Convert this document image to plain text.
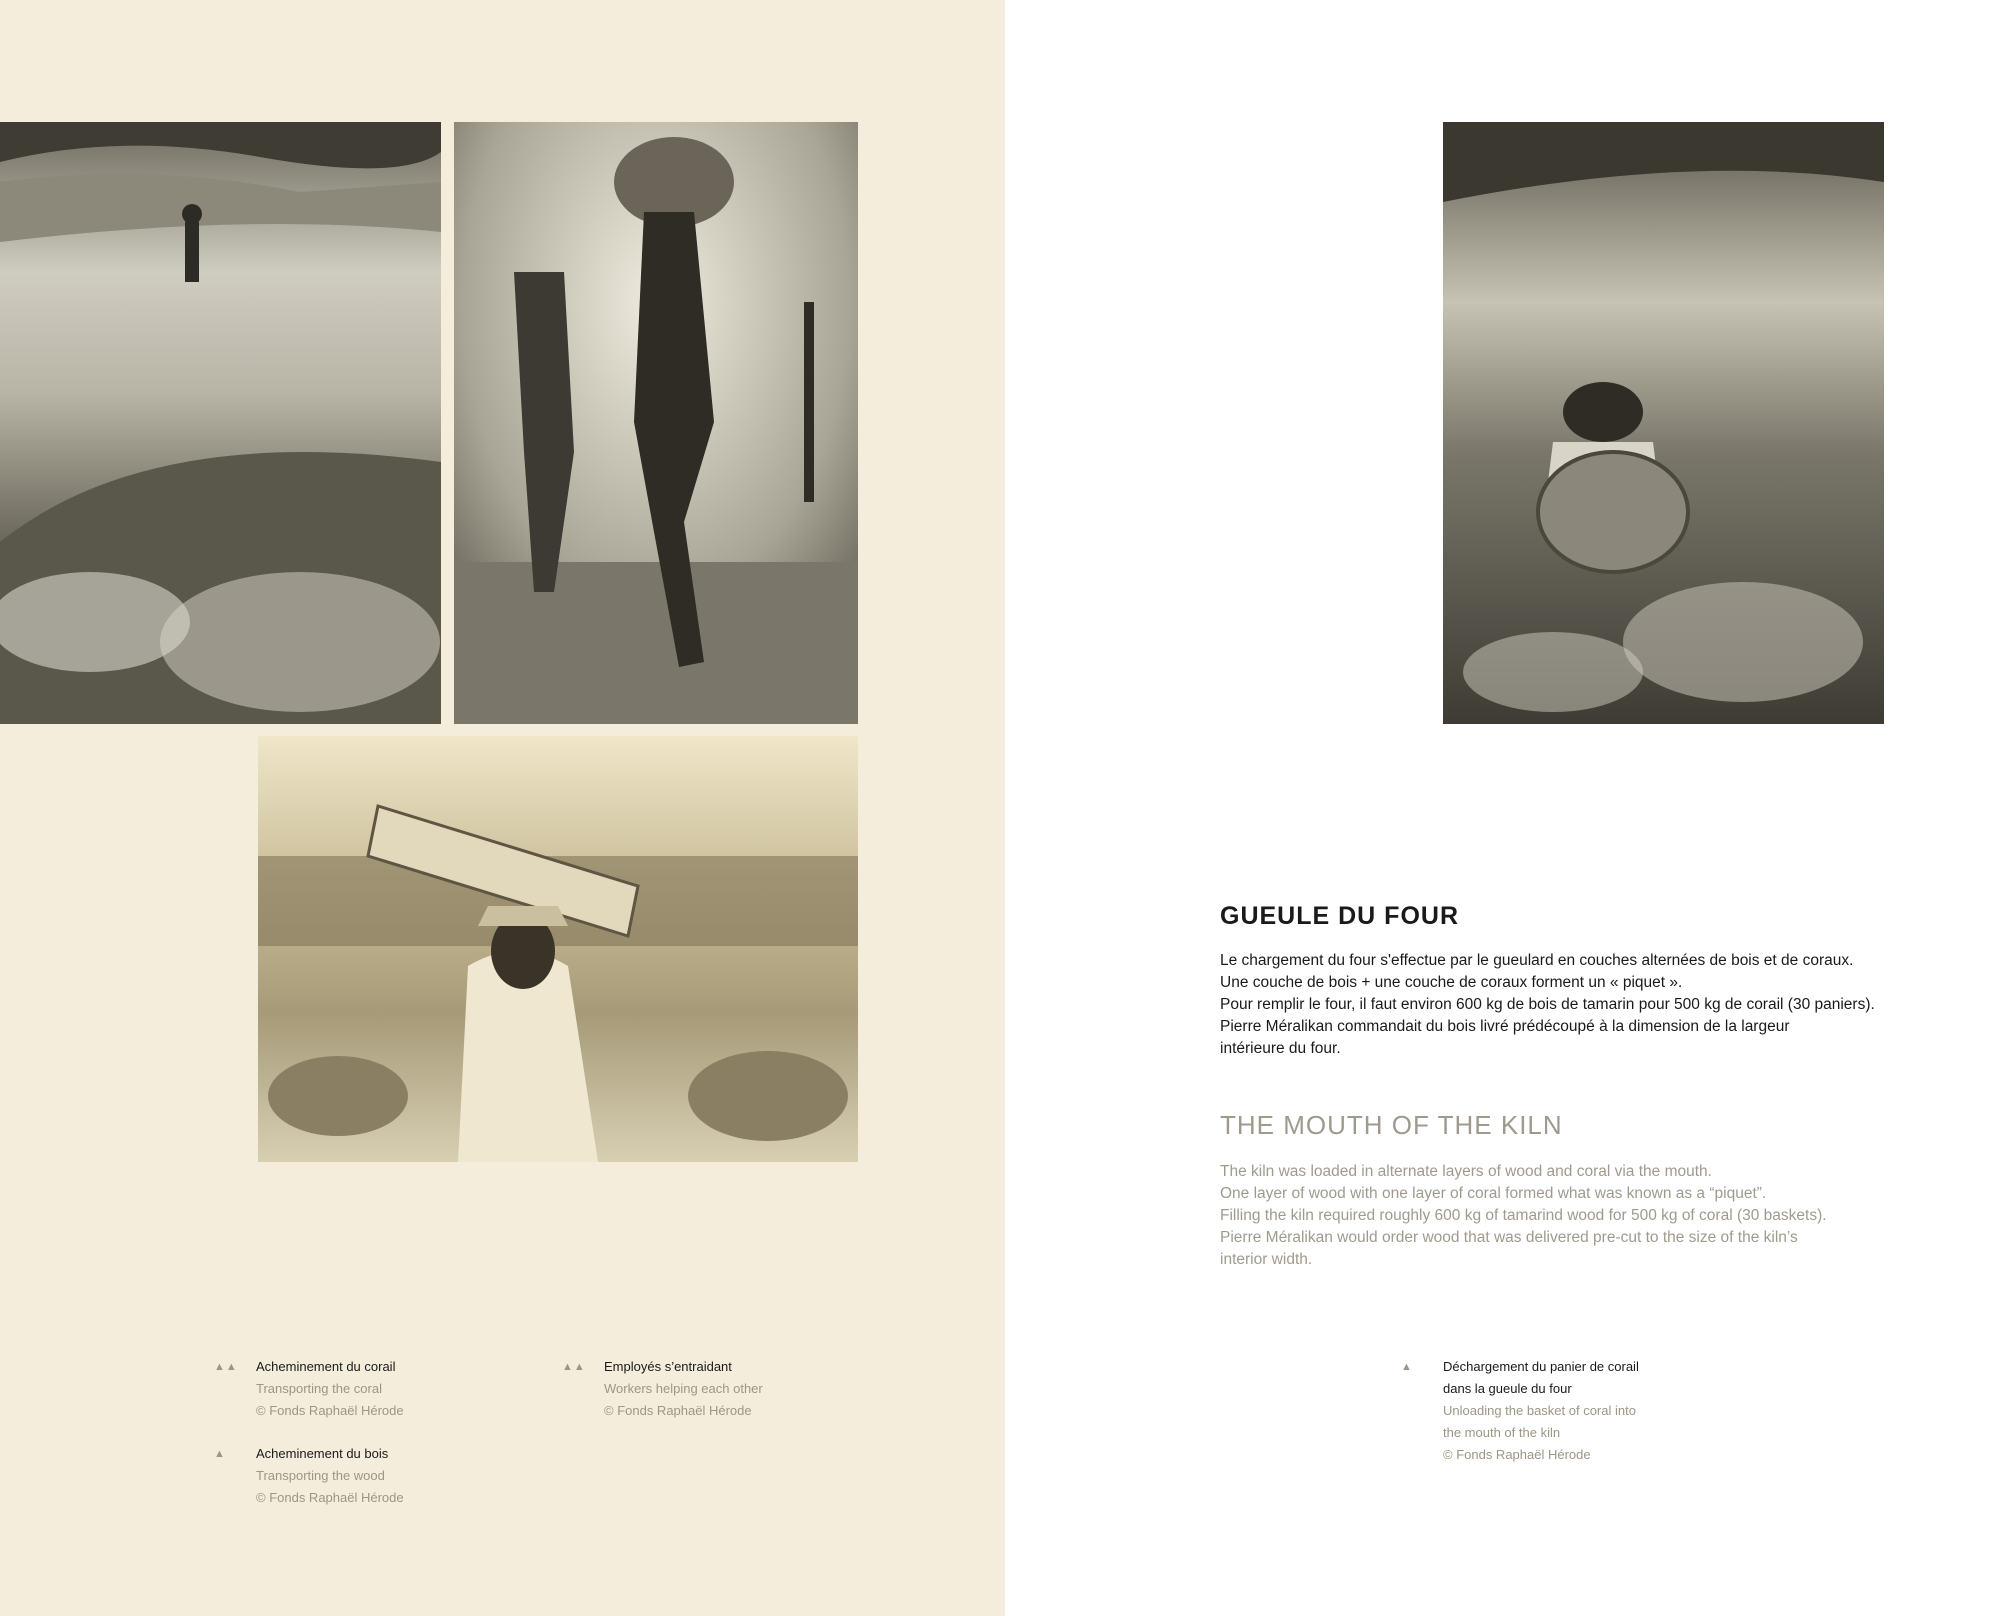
GUEULE DU FOUR
Le chargement du four s'effectue par le gueulard en couches alternées de bois et de coraux.
Une couche de bois + une couche de coraux forment un « piquet ».
Pour remplir le four, il faut environ 600 kg de bois de tamarin pour 500 kg de corail (30 paniers).
Pierre Méralikan commandait du bois livré prédécoupé à la dimension de la largeur
intérieure du four.
THE MOUTH OF THE KILN
The kiln was loaded in alternate layers of wood and coral via the mouth.
One layer of wood with one layer of coral formed what was known as a “piquet”.
Filling the kiln required roughly 600 kg of tamarind wood for 500 kg of coral (30 baskets).
Pierre Méralikan would order wood that was delivered pre-cut to the size of the kiln’s
interior width.
▲▲ Acheminement du corail
Transporting the coral
© Fonds Raphaël Hérode
▲▲ Employés s’entraidant
Workers helping each other
© Fonds Raphaël Hérode
▲ Acheminement du bois
Transporting the wood
© Fonds Raphaël Hérode
▲ Déchargement du panier de corail
dans la gueule du four
Unloading the basket of coral into
the mouth of the kiln
© Fonds Raphaël Hérode
